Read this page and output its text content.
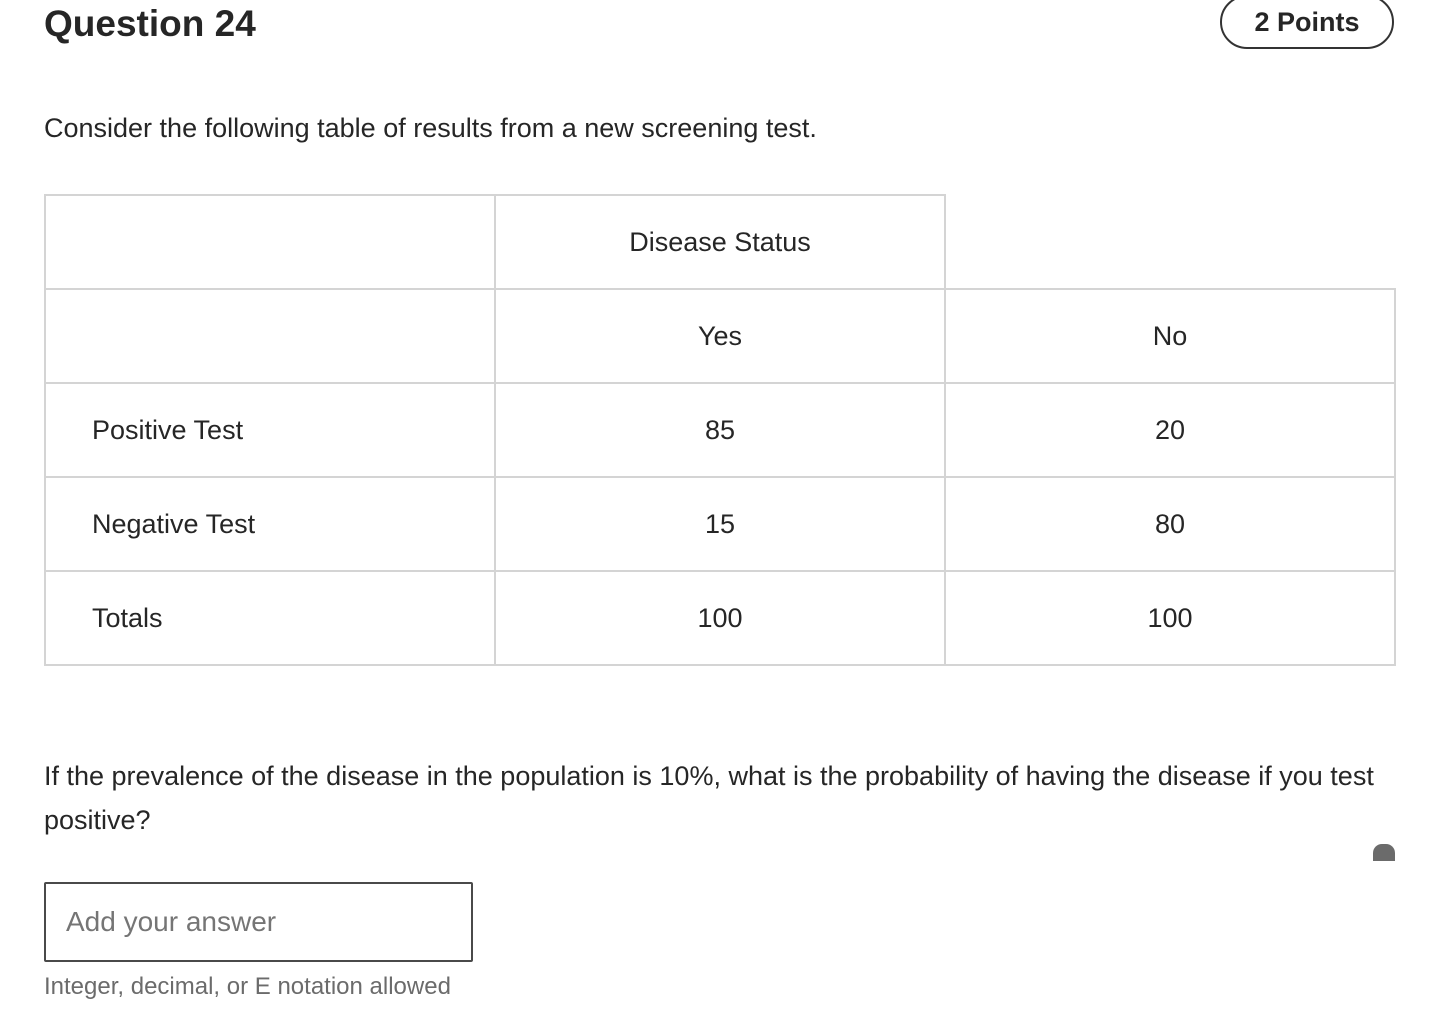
Question 24	2 Points

Consider the following table of results from a new screening test.

	Disease Status	
	Yes	No
Positive Test	85	20
Negative Test	15	80
Totals	100	100

If the prevalence of the disease in the population is 10%, what is the probability of having the disease if you test positive?

Add your answer

Integer, decimal, or E notation allowed
